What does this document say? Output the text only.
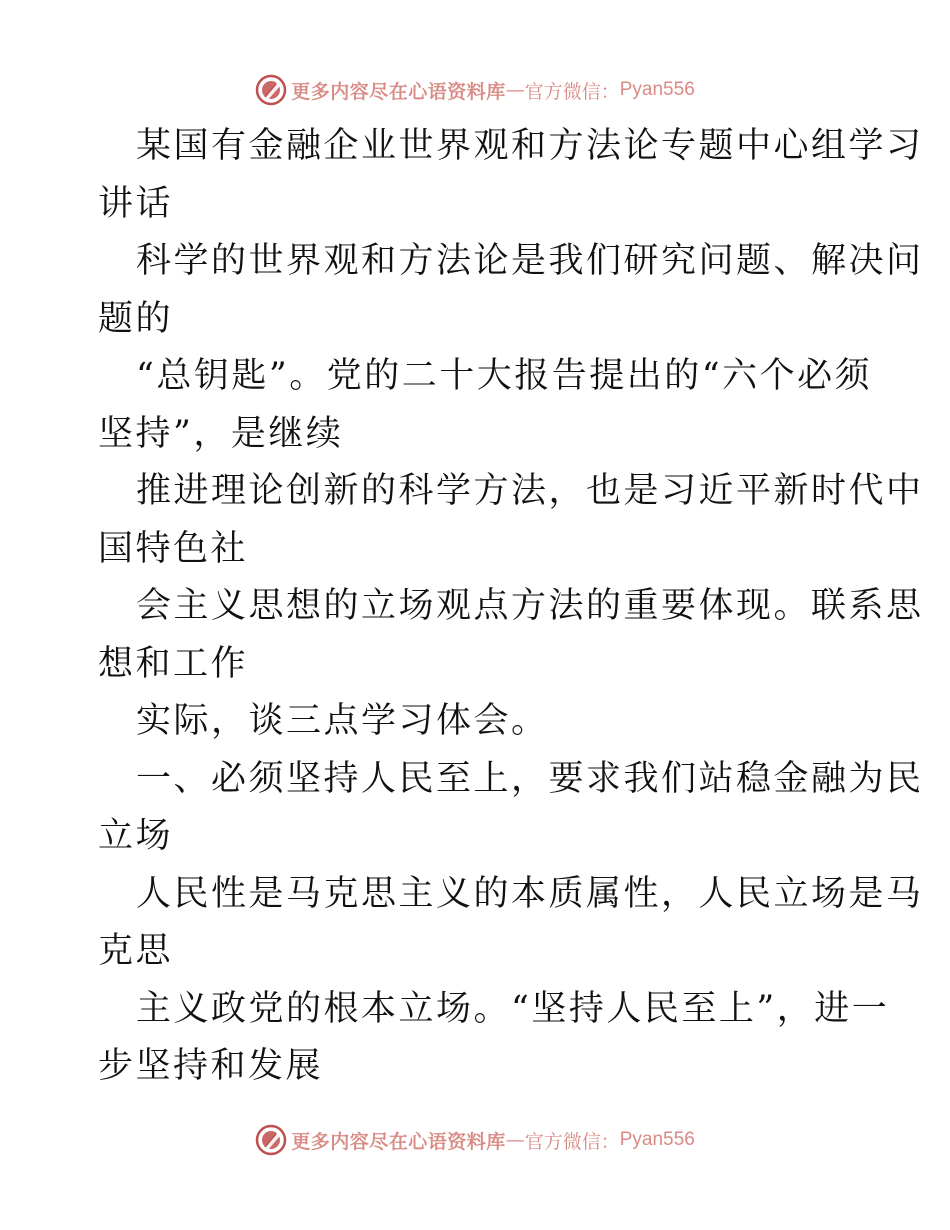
更多内容尽在心语资料库 — 官方微信： Pyan556
某国有金融企业世界观和方法论专题中心组学习
讲话
科学的世界观和方法论是我们研究问题、解决问
题的
“总钥匙”。党的二十大报告提出的“六个必须
坚持”，是继续
推进理论创新的科学方法，也是习近平新时代中
国特色社
会主义思想的立场观点方法的重要体现。联系思
想和工作
实际，谈三点学习体会。
一、必须坚持人民至上，要求我们站稳金融为民
立场
人民性是马克思主义的本质属性，人民立场是马
克思
主义政党的根本立场。“坚持人民至上”，进一
步坚持和发展
更多内容尽在心语资料库 — 官方微信： Pyan556
